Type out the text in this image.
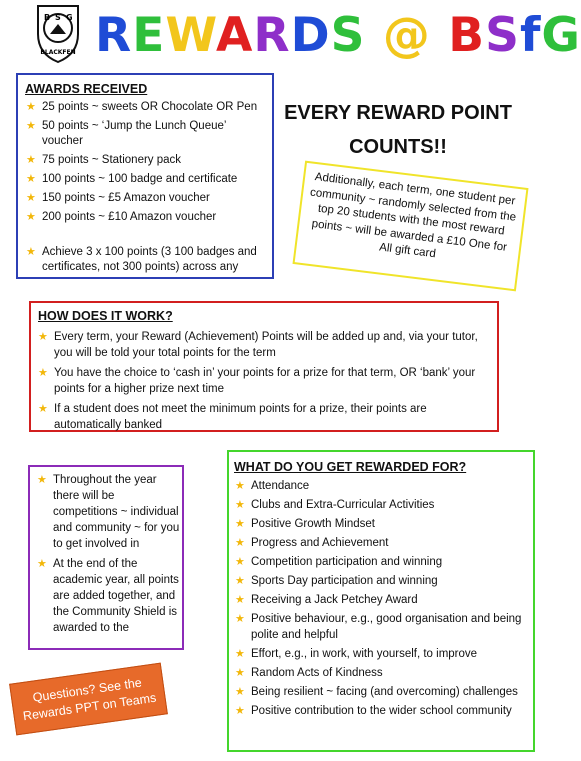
B S G
BLACKFEN REWARDS @ BSfG
AWARDS RECEIVED
★ 25 points ~ sweets OR Chocolate OR Pen
★ 50 points ~ ‘Jump the Lunch Queue’ voucher
★ 75 points ~ Stationery pack
★ 100 points ~ 100 badge and certificate
★ 150 points ~ £5 Amazon voucher
★ 200 points ~ £10 Amazon voucher
★ Achieve 3 x 100 points (3 100 badges and certificates, not 300 points) across any
EVERY REWARD POINT
COUNTS!!
Additionally, each term, one student per community ~ randomly selected from the top 20 students with the most reward points ~ will be awarded a £10 One for All gift card
HOW DOES IT WORK?
★ Every term, your Reward (Achievement) Points will be added up and, via your tutor, you will be told your total points for the term
★ You have the choice to ‘cash in’ your points for a prize for that term, OR ‘bank’ your points for a higher prize next time
★ If a student does not meet the minimum points for a prize, their points are automatically banked
★ Throughout the year there will be competitions ~ individual and community ~ for you to get involved in
★ At the end of the academic year, all points are added together, and the Community Shield is awarded to the
WHAT DO YOU GET REWARDED FOR?
★ Attendance
★ Clubs and Extra-Curricular Activities
★ Positive Growth Mindset
★ Progress and Achievement
★ Competition participation and winning
★ Sports Day participation and winning
★ Receiving a Jack Petchey Award
★ Positive behaviour, e.g., good organisation and being polite and helpful
★ Effort, e.g., in work, with yourself, to improve
★ Random Acts of Kindness
★ Being resilient ~ facing (and overcoming) challenges
★ Positive contribution to the wider school community
Questions? See the Rewards PPT on Teams
